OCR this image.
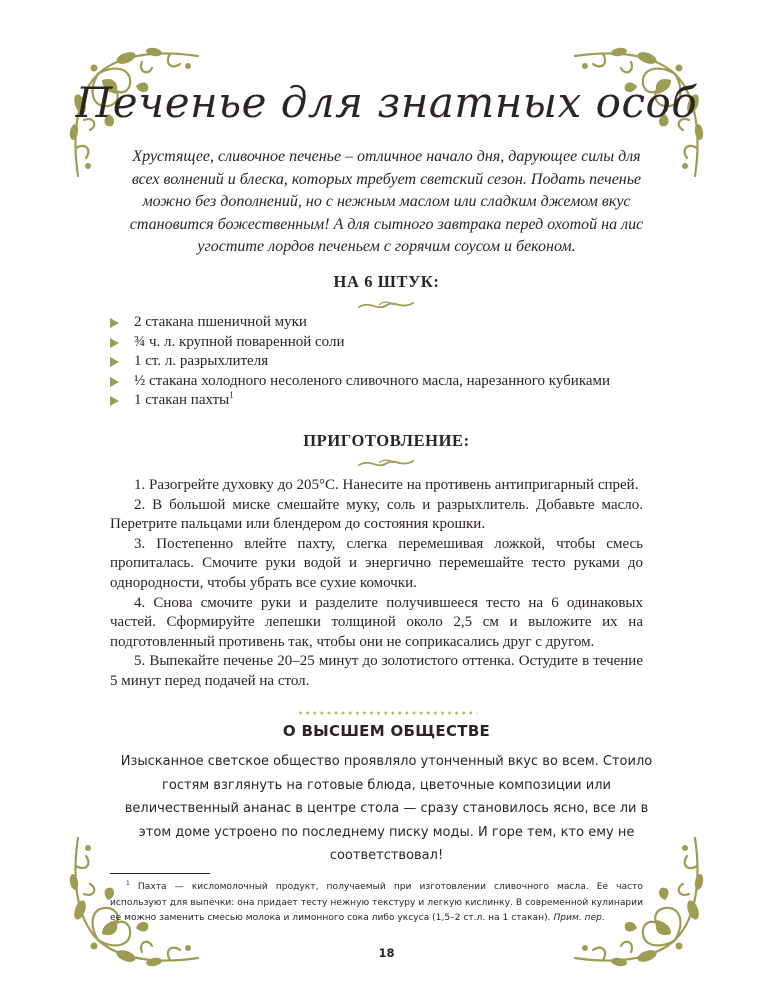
Печенье для знатных особ
Хрустящее, сливочное печенье – отличное начало дня, дарующее силы для всех волнений и блеска, которых требует светский сезон. Подать печенье можно без дополнений, но с нежным маслом или сладким джемом вкус становится божественным! А для сытного завтрака перед охотой на лис угостите лордов печеньем с горячим соусом и беконом.
НА 6 ШТУК:
2 стакана пшеничной муки
¾ ч. л. крупной поваренной соли
1 ст. л. разрыхлителя
½ стакана холодного несоленого сливочного масла, нарезанного кубиками
1 стакан пахты$^1$
ПРИГОТОВЛЕНИЕ:

1. Разогрейте духовку до 205°С. Нанесите на противень антипригарный спрей.

2. В большой миске смешайте муку, соль и разрыхлитель. Добавьте масло. Перетрите пальцами или блендером до состояния крошки.

3. Постепенно влейте пахту, слегка перемешивая ложкой, чтобы смесь пропиталась. Смочите руки водой и энергично перемешайте тесто руками до однородности, чтобы убрать все сухие комочки.

4. Снова смочите руки и разделите получившееся тесто на 6 одинаковых частей. Сформируйте лепешки толщиной около 2,5 см и выложите их на подготовленный противень так, чтобы они не соприкасались друг с другом.

5. Выпекайте печенье 20–25 минут до золотистого оттенка. Остудите в течение 5 минут перед подачей на стол.

О ВЫСШЕМ ОБЩЕСТВЕ
Изысканное светское общество проявляло утонченный вкус во всем. Стоило гостям взглянуть на готовые блюда, цветочные композиции или величественный ананас в центре стола — сразу становилось ясно, все ли в этом доме устроено по последнему писку моды. И горе тем, кто ему не соответствовал!
$^1$ Пахта — кисломолочный продукт, получаемый при изготовлении сливочного масла. Ее часто используют для выпечки: она придает тесту нежную текстуру и легкую кислинку. В современной кулинарии ее можно заменить смесью молока и лимонного сока либо уксуса (1,5–2 ст.л. на 1 стакан). Прим. пер.
18
